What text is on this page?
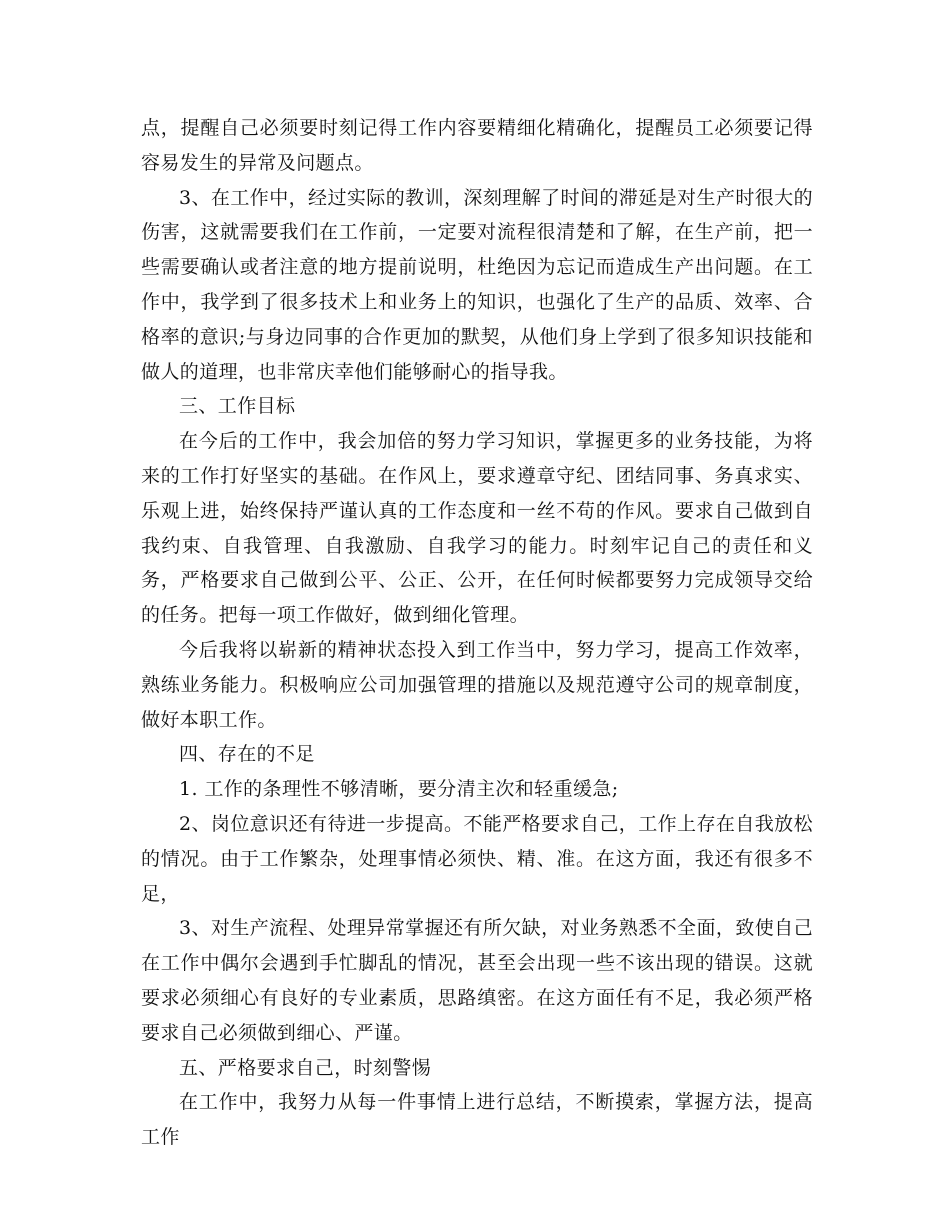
点，提醒自己必须要时刻记得工作内容要精细化精确化，提醒员工必须要记得容易发生的异常及问题点。

3、在工作中，经过实际的教训，深刻理解了时间的滞延是对生产时很大的伤害，这就需要我们在工作前，一定要对流程很清楚和了解，在生产前，把一些需要确认或者注意的地方提前说明，杜绝因为忘记而造成生产出问题。在工作中，我学到了很多技术上和业务上的知识，也强化了生产的品质、效率、合格率的意识;与身边同事的合作更加的默契，从他们身上学到了很多知识技能和做人的道理，也非常庆幸他们能够耐心的指导我。

三、工作目标

在今后的工作中，我会加倍的努力学习知识，掌握更多的业务技能，为将来的工作打好坚实的基础。在作风上，要求遵章守纪、团结同事、务真求实、乐观上进，始终保持严谨认真的工作态度和一丝不苟的作风。要求自己做到自我约束、自我管理、自我激励、自我学习的能力。时刻牢记自己的责任和义务，严格要求自己做到公平、公正、公开，在任何时候都要努力完成领导交给的任务。把每一项工作做好，做到细化管理。

今后我将以崭新的精神状态投入到工作当中，努力学习，提高工作效率，熟练业务能力。积极响应公司加强管理的措施以及规范遵守公司的规章制度，做好本职工作。

四、存在的不足

1. 工作的条理性不够清晰，要分清主次和轻重缓急;

2、岗位意识还有待进一步提高。不能严格要求自己，工作上存在自我放松的情况。由于工作繁杂，处理事情必须快、精、准。在这方面，我还有很多不足，

3、对生产流程、处理异常掌握还有所欠缺，对业务熟悉不全面，致使自己在工作中偶尔会遇到手忙脚乱的情况，甚至会出现一些不该出现的错误。这就要求必须细心有良好的专业素质，思路缜密。在这方面任有不足，我必须严格要求自己必须做到细心、严谨。

五、严格要求自己，时刻警惕

在工作中，我努力从每一件事情上进行总结，不断摸索，掌握方法，提高工作
